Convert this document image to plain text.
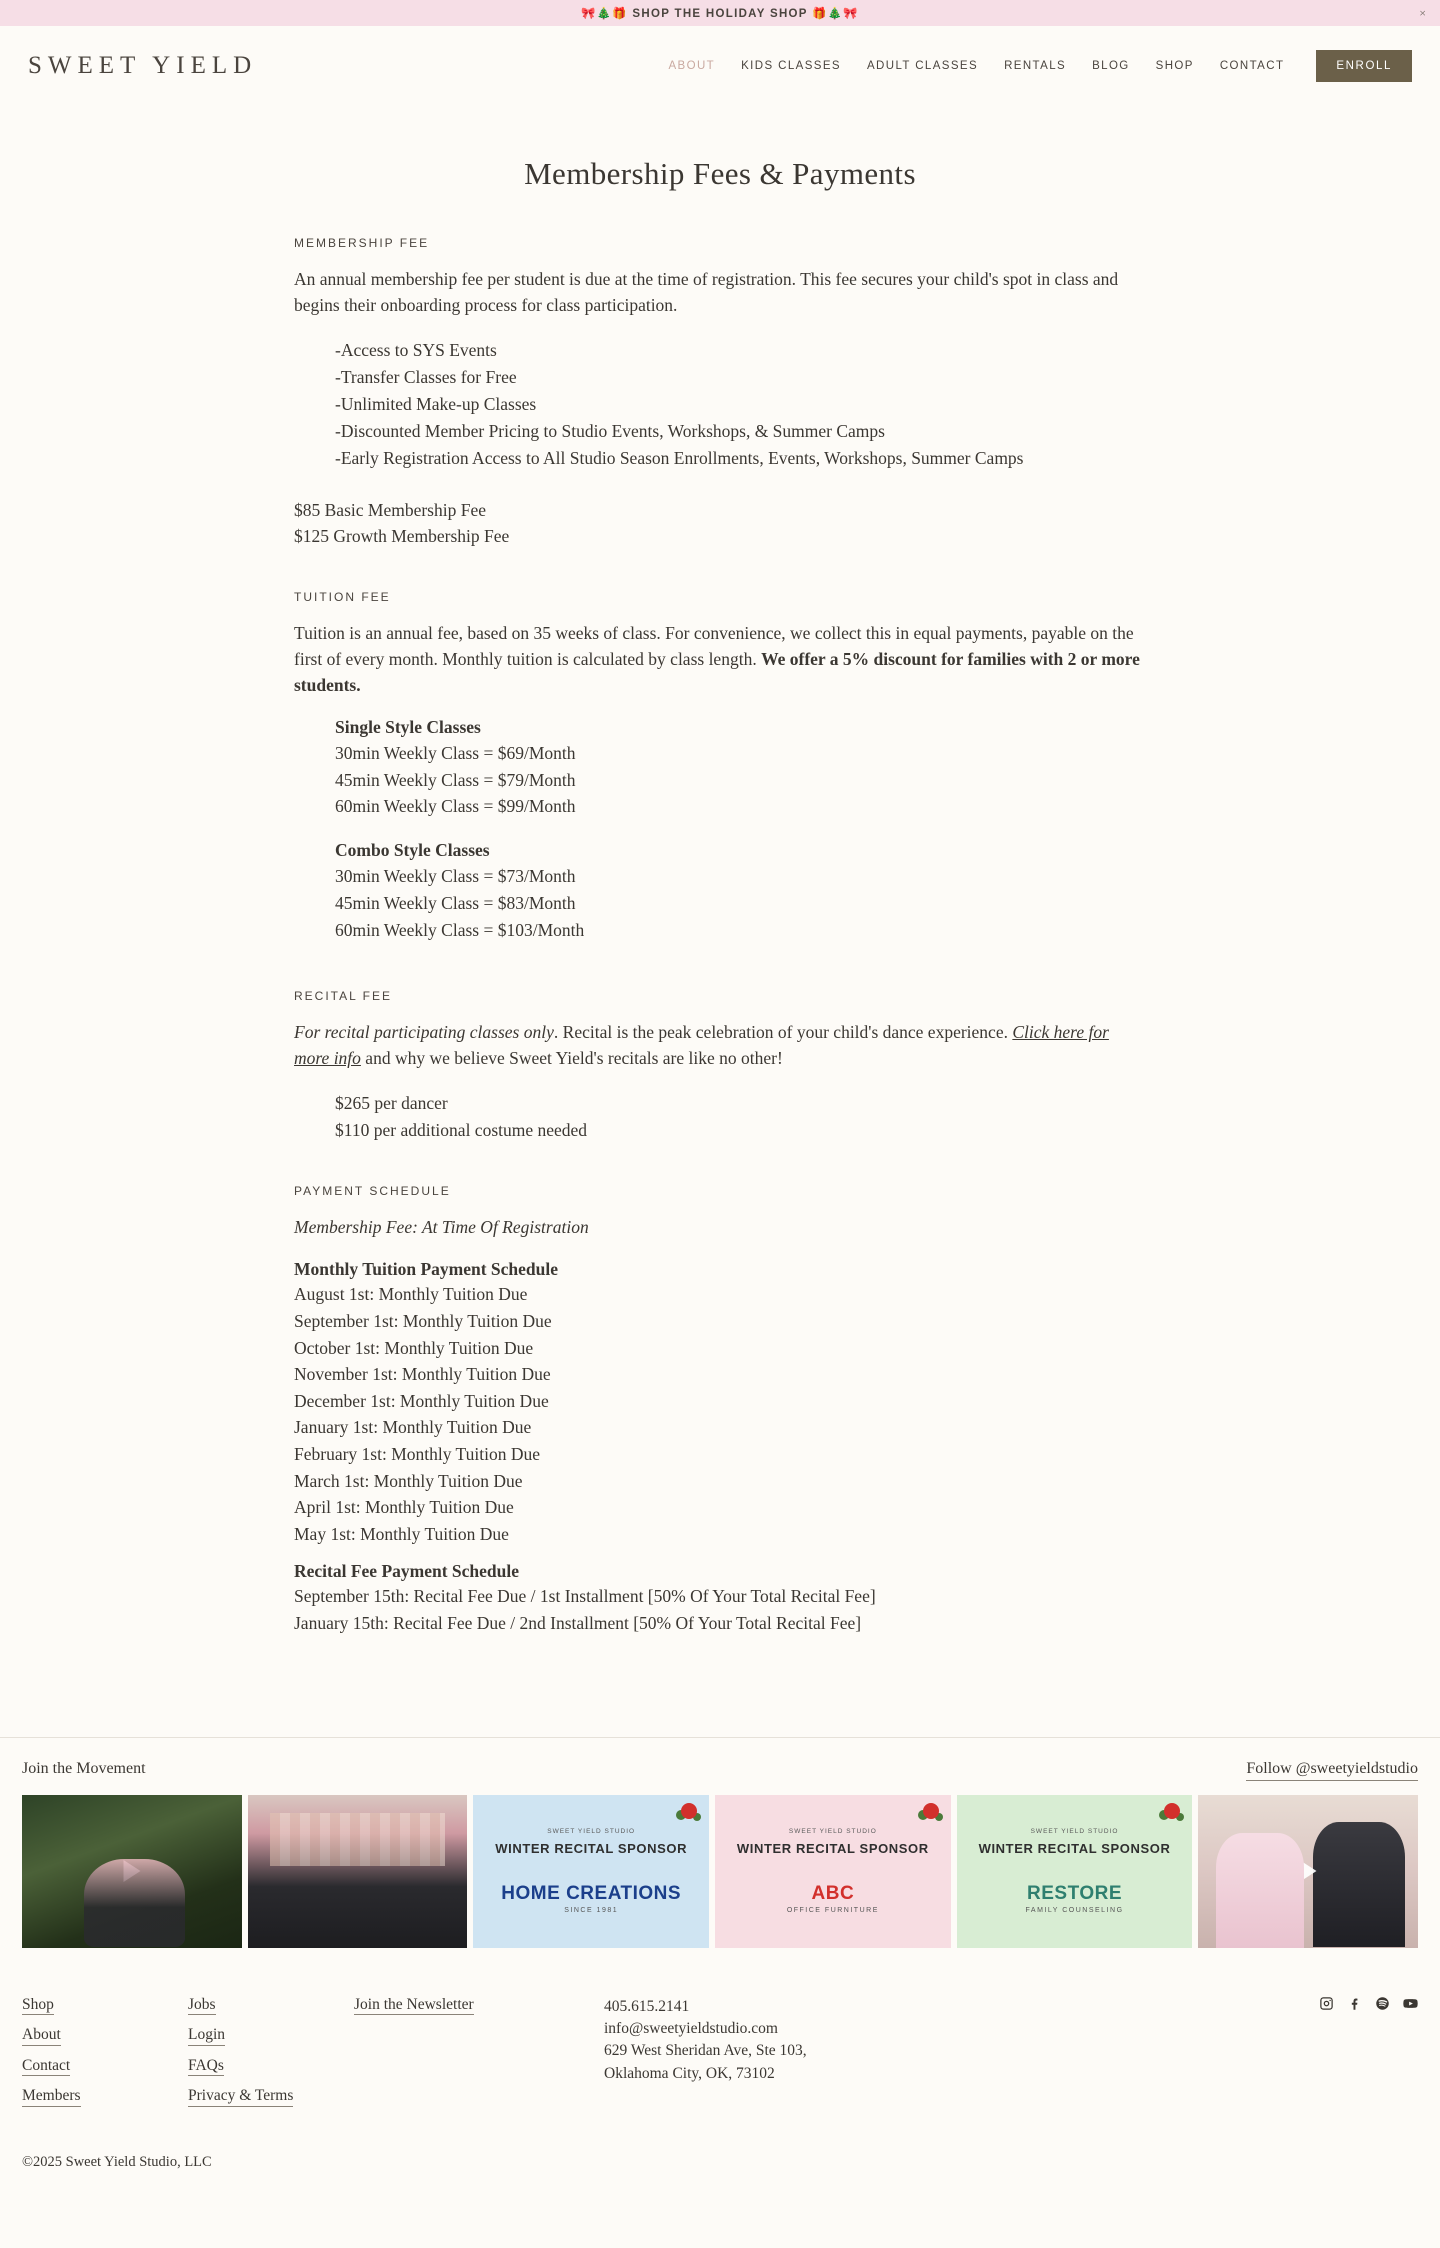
🎀🎄🎁 SHOP THE HOLIDAY SHOP 🎁🎄🎀	×
SWEET YIELD	ABOUT KIDS CLASSES ADULT CLASSES RENTALS BLOG SHOP CONTACT	ENROLL
Membership Fees & Payments
MEMBERSHIP FEE

An annual membership fee per student is due at the time of registration. This fee secures your child's spot in class and begins their onboarding process for class participation.

-Access to SYS Events
-Transfer Classes for Free
-Unlimited Make-up Classes
-Discounted Member Pricing to Studio Events, Workshops, & Summer Camps
-Early Registration Access to All Studio Season Enrollments, Events, Workshops, Summer Camps
$85 Basic Membership Fee
$125 Growth Membership Fee
TUITION FEE

Tuition is an annual fee, based on 35 weeks of class. For convenience, we collect this in equal payments, payable on the first of every month. Monthly tuition is calculated by class length. We offer a 5% discount for families with 2 or more students.

Single Style Classes
30min Weekly Class = $69/Month
45min Weekly Class = $79/Month
60min Weekly Class = $99/Month
Combo Style Classes
30min Weekly Class = $73/Month
45min Weekly Class = $83/Month
60min Weekly Class = $103/Month
RECITAL FEE

For recital participating classes only. Recital is the peak celebration of your child's dance experience. Click here for more info and why we believe Sweet Yield's recitals are like no other!

$265 per dancer
$110 per additional costume needed
PAYMENT SCHEDULE

Membership Fee: At Time Of Registration

Monthly Tuition Payment Schedule
August 1st: Monthly Tuition Due
September 1st: Monthly Tuition Due
October 1st: Monthly Tuition Due
November 1st: Monthly Tuition Due
December 1st: Monthly Tuition Due
January 1st: Monthly Tuition Due
February 1st: Monthly Tuition Due
March 1st: Monthly Tuition Due
April 1st: Monthly Tuition Due
May 1st: Monthly Tuition Due
Recital Fee Payment Schedule
September 15th: Recital Fee Due / 1st Installment [50% Of Your Total Recital Fee]
January 15th: Recital Fee Due / 2nd Installment [50% Of Your Total Recital Fee]
Join the Movement	Follow @sweetyieldstudio
SWEET YIELD STUDIO
WINTER RECITAL SPONSOR
HOME CREATIONS
SINCE 1981
SWEET YIELD STUDIO
WINTER RECITAL SPONSOR
ABC
OFFICE FURNITURE
SWEET YIELD STUDIO
WINTER RECITAL SPONSOR
RESTORE
FAMILY COUNSELING
Shop
About
Contact
Members
Jobs
Login
FAQs
Privacy & Terms
Join the Newsletter	405.615.2141
info@sweetyieldstudio.com
629 West Sheridan Ave, Ste 103,
Oklahoma City, OK, 73102
©2025 Sweet Yield Studio, LLC
